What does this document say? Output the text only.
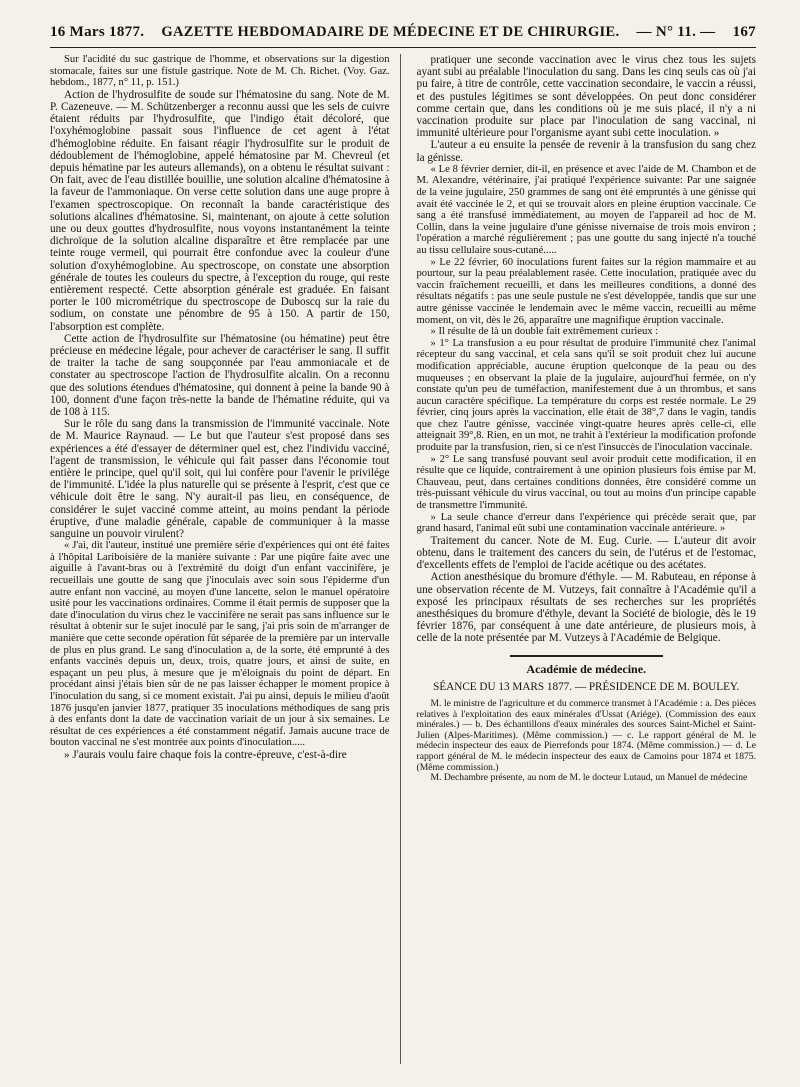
16 Mars 1877. GAZETTE HEBDOMADAIRE DE MÉDECINE ET DE CHIRURGIE. — N° 11. — 167

Sur l'acidité du suc gastrique de l'homme, et observations sur la digestion stomacale, faites sur une fistule gastrique. Note de M. Ch. Richet. (Voy. Gaz. hebdom., 1877, n° 11, p. 151.)

Action de l'hydrosulfite de soude sur l'hématosine du sang. Note de M. P. Cazeneuve. — M. Schützenberger a reconnu aussi que les sels de cuivre étaient réduits par l'hydrosulfite, que l'indigo était décoloré, que l'oxyhémoglobine passait sous l'influence de cet agent à l'état d'hémoglobine réduite. En faisant réagir l'hydrosulfite sur le produit de dédoublement de l'hémoglobine, appelé hématosine par M. Chevreul (et depuis hématine par les auteurs allemands), on a obtenu le résultat suivant : On fait, avec de l'eau distillée bouillie, une solution alcaline d'hématosine à la faveur de l'ammoniaque. On verse cette solution dans une auge propre à l'examen spectroscopique. On reconnaît la bande caractéristique des solutions alcalines d'hématosine. Si, maintenant, on ajoute à cette solution une ou deux gouttes d'hydrosulfite, nous voyons instantanément la teinte dichroïque de la solution alcaline disparaître et être remplacée par une teinte rouge vermeil, qui pourrait être confondue avec la couleur d'une solution d'oxyhémoglobine. Au spectroscope, on constate une absorption générale de toutes les couleurs du spectre, à l'exception du rouge, qui reste entièrement respecté. Cette absorption générale est graduée. En faisant porter le 100 micrométrique du spectroscope de Duboscq sur la raie du sodium, on constate une pénombre de 95 à 150. A partir de 150, l'absorption est complète.

Cette action de l'hydrosulfite sur l'hématosine (ou hématine) peut être précieuse en médecine légale, pour achever de caractériser le sang. Il suffit de traiter la tache de sang soupçonnée par l'eau ammoniacale et de constater au spectroscope l'action de l'hydrosulfite alcalin. On a reconnu que des solutions étendues d'hématosine, qui donnent à peine la bande 90 à 100, donnent d'une façon très-nette la bande de l'hématine réduite, qui va de 108 à 115.

Sur le rôle du sang dans la transmission de l'immunité vaccinale. Note de M. Maurice Raynaud. — Le but que l'auteur s'est proposé dans ses expériences a été d'essayer de déterminer quel est, chez l'individu vacciné, l'agent de transmission, le véhicule qui fait passer dans l'économie tout entière le principe, quel qu'il soit, qui lui confère pour l'avenir le privilége de l'immunité. L'idée la plus naturelle qui se présente à l'esprit, c'est que ce véhicule doit être le sang. N'y aurait-il pas lieu, en conséquence, de considérer le sujet vacciné comme atteint, au moins pendant la période éruptive, d'une maladie générale, capable de communiquer à la masse sanguine un pouvoir virulent?

« J'ai, dit l'auteur, institué une première série d'expériences qui ont été faites à l'hôpital Lariboisière de la manière suivante : Par une piqûre faite avec une aiguille à l'avant-bras ou à l'extrémité du doigt d'un enfant vaccinifère, je recueillais une goutte de sang que j'inoculais avec soin sous l'épiderme d'un autre enfant non vacciné, au moyen d'une lancette, selon le manuel opératoire usité pour les vaccinations ordinaires. Comme il était permis de supposer que la date d'inoculation du virus chez le vaccinifère ne serait pas sans influence sur le résultat à obtenir sur le sujet inoculé par le sang, j'ai pris soin de m'arranger de manière que cette seconde opération fût séparée de la première par un intervalle de plus en plus grand. Le sang d'inoculation a, de la sorte, été emprunté à des enfants vaccinés depuis un, deux, trois, quatre jours, et ainsi de suite, en espaçant un peu plus, à mesure que je m'éloignais du point de départ. En procédant ainsi j'étais bien sûr de ne pas laisser échapper le moment propice à l'inoculation du sang, si ce moment existait. J'ai pu ainsi, depuis le milieu d'août 1876 jusqu'en janvier 1877, pratiquer 35 inoculations méthodiques de sang pris à des enfants dont la date de vaccination variait de un jour à six semaines. Le résultat de ces expériences a été constamment négatif. Jamais aucune trace de bouton vaccinal ne s'est montrée aux points d'inoculation.....

» J'aurais voulu faire chaque fois la contre-épreuve, c'est-à-dire

pratiquer une seconde vaccination avec le virus chez tous les sujets ayant subi au préalable l'inoculation du sang. Dans les cinq seuls cas où j'ai pu faire, à titre de contrôle, cette vaccination secondaire, le vaccin a réussi, et des pustules légitimes se sont développées. On peut donc considérer comme certain que, dans les conditions où je me suis placé, il n'y a ni vaccination produite sur place par l'inoculation de sang vaccinal, ni immunité ultérieure pour l'organisme ayant subi cette inoculation. »

L'auteur a eu ensuite la pensée de revenir à la transfusion du sang chez la génisse.

« Le 8 février dernier, dit-il, en présence et avec l'aide de M. Chambon et de M. Alexandre, vétérinaire, j'ai pratiqué l'expérience suivante: Par une saignée de la veine jugulaire, 250 grammes de sang ont été empruntés à une génisse qui avait été vaccinée le 2, et qui se trouvait alors en pleine éruption vaccinale. Ce sang a été transfusé immédiatement, au moyen de l'appareil ad hoc de M. Collin, dans la veine jugulaire d'une génisse nivernaise de trois mois environ ; l'opération a marché régulièrement ; pas une goutte du sang injecté n'a touché au tissu cellulaire sous-cutané.....

» Le 22 février, 60 inoculations furent faites sur la région mammaire et au pourtour, sur la peau préalablement rasée. Cette inoculation, pratiquée avec du vaccin fraîchement recueilli, et dans les meilleures conditions, a donné des résultats négatifs : pas une seule pustule ne s'est développée, tandis que sur une autre génisse vaccinée le lendemain avec le même vaccin, recueilli au même moment, on vit, dès le 26, apparaître une magnifique éruption vaccinale.

» Il résulte de là un double fait extrêmement curieux :

» 1° La transfusion a eu pour résultat de produire l'immunité chez l'animal récepteur du sang vaccinal, et cela sans qu'il se soit produit chez lui aucune modification appréciable, aucune éruption quelconque de la peau ou des muqueuses ; en observant la plaie de la jugulaire, aujourd'hui fermée, on n'y constate qu'un peu de tuméfaction, manifestement due à un thrombus, et sans aucun caractère spécifique. La température du corps est restée normale. Le 29 février, cinq jours après la vaccination, elle était de 38°,7 dans le vagin, tandis que chez l'autre génisse, vaccinée vingt-quatre heures après celle-ci, elle atteignait 39°,8. Rien, en un mot, ne trahit à l'extérieur la modification profonde produite par la transfusion, rien, si ce n'est l'insuccès de l'inoculation vaccinale.

» 2° Le sang transfusé pouvant seul avoir produit cette modification, il en résulte que ce liquide, contrairement à une opinion plusieurs fois émise par M. Chauveau, peut, dans certaines conditions données, être considéré comme un très-puissant véhicule du virus vaccinal, ou tout au moins d'un principe capable de transmettre l'immunité.

» La seule chance d'erreur dans l'expérience qui précède serait que, par grand hasard, l'animal eût subi une contamination vaccinale antérieure. »

Traitement du cancer. Note de M. Eug. Curie. — L'auteur dit avoir obtenu, dans le traitement des cancers du sein, de l'utérus et de l'estomac, d'excellents effets de l'emploi de l'acide acétique ou des acétates.

Action anesthésique du bromure d'éthyle. — M. Rabuteau, en réponse à une observation récente de M. Vutzeys, fait connaître à l'Académie qu'il a exposé les principaux résultats de ses recherches sur les propriétés anesthésiques du bromure d'éthyle, devant la Société de biologie, dès le 19 février 1876, par conséquent à une date antérieure, de plusieurs mois, à celle de la note présentée par M. Vutzeys à l'Académie de Belgique.

Académie de médecine.
SÉANCE DU 13 MARS 1877. — PRÉSIDENCE DE M. BOULEY.

M. le ministre de l'agriculture et du commerce transmet à l'Académie : a. Des pièces relatives à l'exploitation des eaux minérales d'Ussat (Ariége). (Commission des eaux minérales.) — b. Des échantillons d'eaux minérales des sources Saint-Michel et Saint-Julien (Alpes-Maritimes). (Même commission.) — c. Le rapport général de M. le médecin inspecteur des eaux de Pierrefonds pour 1874. (Même commission.) — d. Le rapport général de M. le médecin inspecteur des eaux de Camoins pour 1874 et 1875. (Même commission.)

M. Dechambre présente, au nom de M. le docteur Lutaud, un Manuel de médecine
